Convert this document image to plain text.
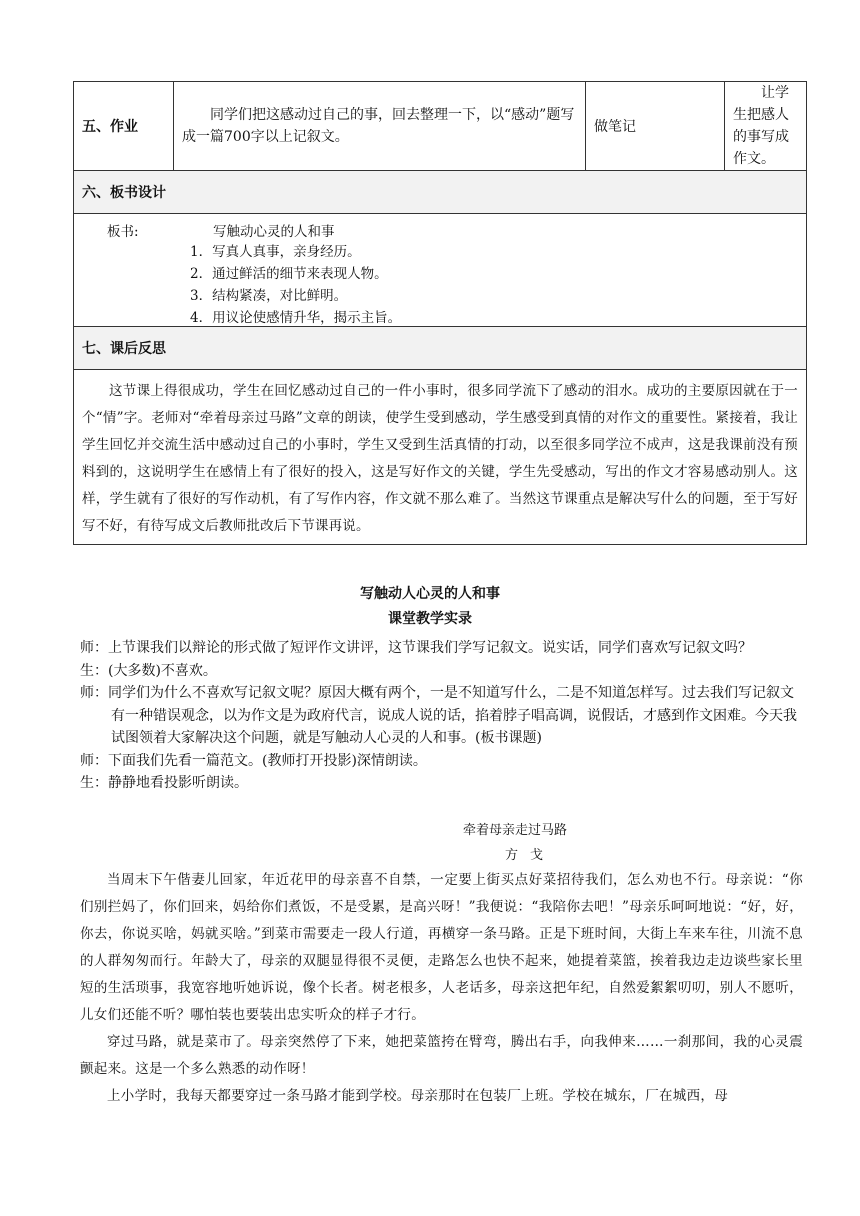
五、作业	同学们把这感动过自己的事，回去整理一下，以“感动”题写成一篇700字以上记叙文。	做笔记	让学生把感人的事写成作文。
六、板书设计

板书:	写触动心灵的人和事
1．写真人真事，亲身经历。
2．通过鲜活的细节来表现人物。
3．结构紧凑，对比鲜明。
4．用议论使感情升华，揭示主旨。

七、课后反思
这节课上得很成功，学生在回忆感动过自己的一件小事时，很多同学流下了感动的泪水。成功的主要原因就在于一个“情”字。老师对“牵着母亲过马路”文章的朗读，使学生受到感动，学生感受到真情的对作文的重要性。紧接着，我让学生回忆并交流生活中感动过自己的小事时，学生又受到生活真情的打动，以至很多同学泣不成声，这是我课前没有预料到的，这说明学生在感情上有了很好的投入，这是写好作文的关键，学生先受感动，写出的作文才容易感动别人。这样，学生就有了很好的写作动机，有了写作内容，作文就不那么难了。当然这节课重点是解决写什么的问题，至于写好写不好，有待写成文后教师批改后下节课再说。
写触动人心灵的人和事
课堂教学实录
师：上节课我们以辩论的形式做了短评作文讲评，这节课我们学写记叙文。说实话，同学们喜欢写记叙文吗？
生：(大多数)不喜欢。
师：同学们为什么不喜欢写记叙文呢？原因大概有两个，一是不知道写什么，二是不知道怎样写。过去我们写记叙文有一种错误观念，以为作文是为政府代言，说成人说的话，掐着脖子唱高调，说假话，才感到作文困难。今天我试图领着大家解决这个问题，就是写触动人心灵的人和事。(板书课题)
师：下面我们先看一篇范文。(教师打开投影)深情朗读。
生：静静地看投影听朗读。
牵着母亲走过马路
方戈

当周末下午偕妻儿回家，年近花甲的母亲喜不自禁，一定要上街买点好菜招待我们，怎么劝也不行。母亲说：“你们别拦妈了，你们回来，妈给你们煮饭，不是受累，是高兴呀！”我便说：“我陪你去吧！”母亲乐呵呵地说：“好，好，你去，你说买啥，妈就买啥。”到菜市需要走一段人行道，再横穿一条马路。正是下班时间，大街上车来车往，川流不息的人群匆匆而行。年龄大了，母亲的双腿显得很不灵便，走路怎么也快不起来，她提着菜篮，挨着我边走边谈些家长里短的生活琐事，我宽容地听她诉说，像个长者。树老根多，人老话多，母亲这把年纪，自然爱絮絮叨叨，别人不愿听，儿女们还能不听？哪怕装也要装出忠实听众的样子才行。

穿过马路，就是菜市了。母亲突然停了下来，她把菜篮挎在臂弯，腾出右手，向我伸来……一刹那间，我的心灵震颤起来。这是一个多么熟悉的动作呀！

上小学时，我每天都要穿过一条马路才能到学校。母亲那时在包装厂上班。学校在城东，厂在城西，母
